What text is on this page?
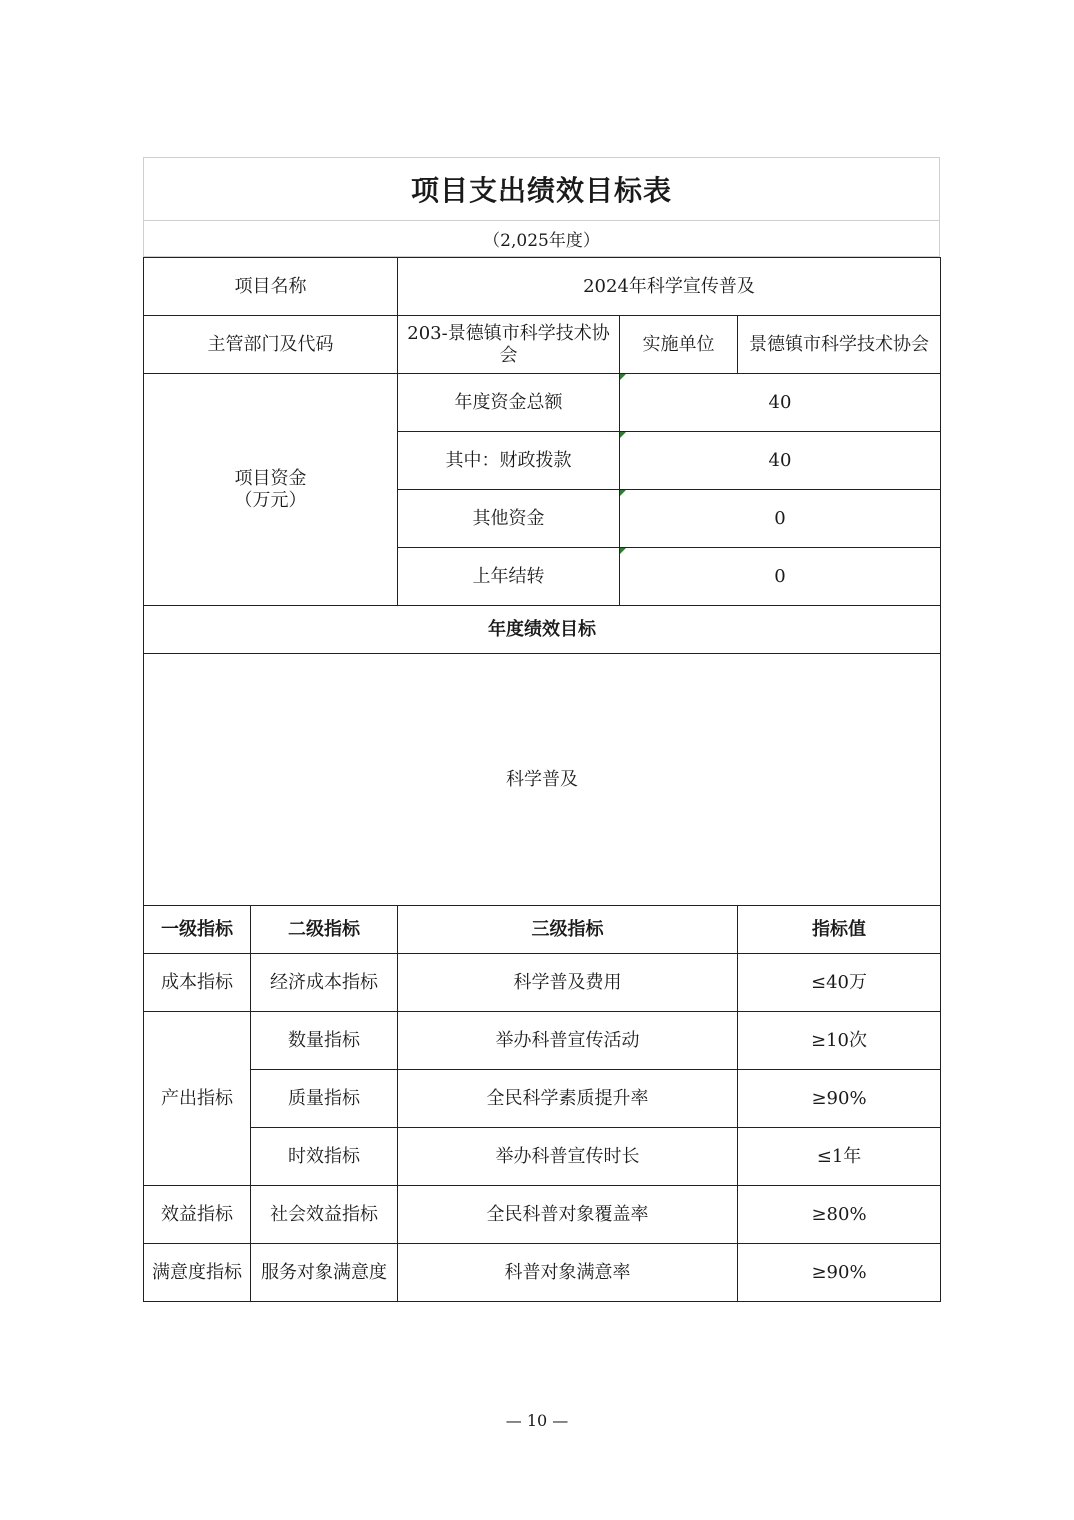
项目支出绩效目标表
（2,025年度）
项目名称		2024年科学宣传普及		
主管部门及代码		203-景德镇市科学技术协会	实施单位	景德镇市科学技术协会

项目资金
（万元）		年度资金总额	40	
		其中：财政拨款	40	
		其他资金	0	
		上年结转	0	
年度绩效目标				
科学普及				
一级指标	二级指标	三级指标		指标值
成本指标	经济成本指标	科学普及费用		≤40万
产出指标	数量指标	举办科普宣传活动		≥10次
	质量指标	全民科学素质提升率		≥90%
	时效指标	举办科普宣传时长		≤1年
效益指标	社会效益指标	全民科普对象覆盖率		≥80%
满意度指标	服务对象满意度	科普对象满意率		≥90%
— 10 —
